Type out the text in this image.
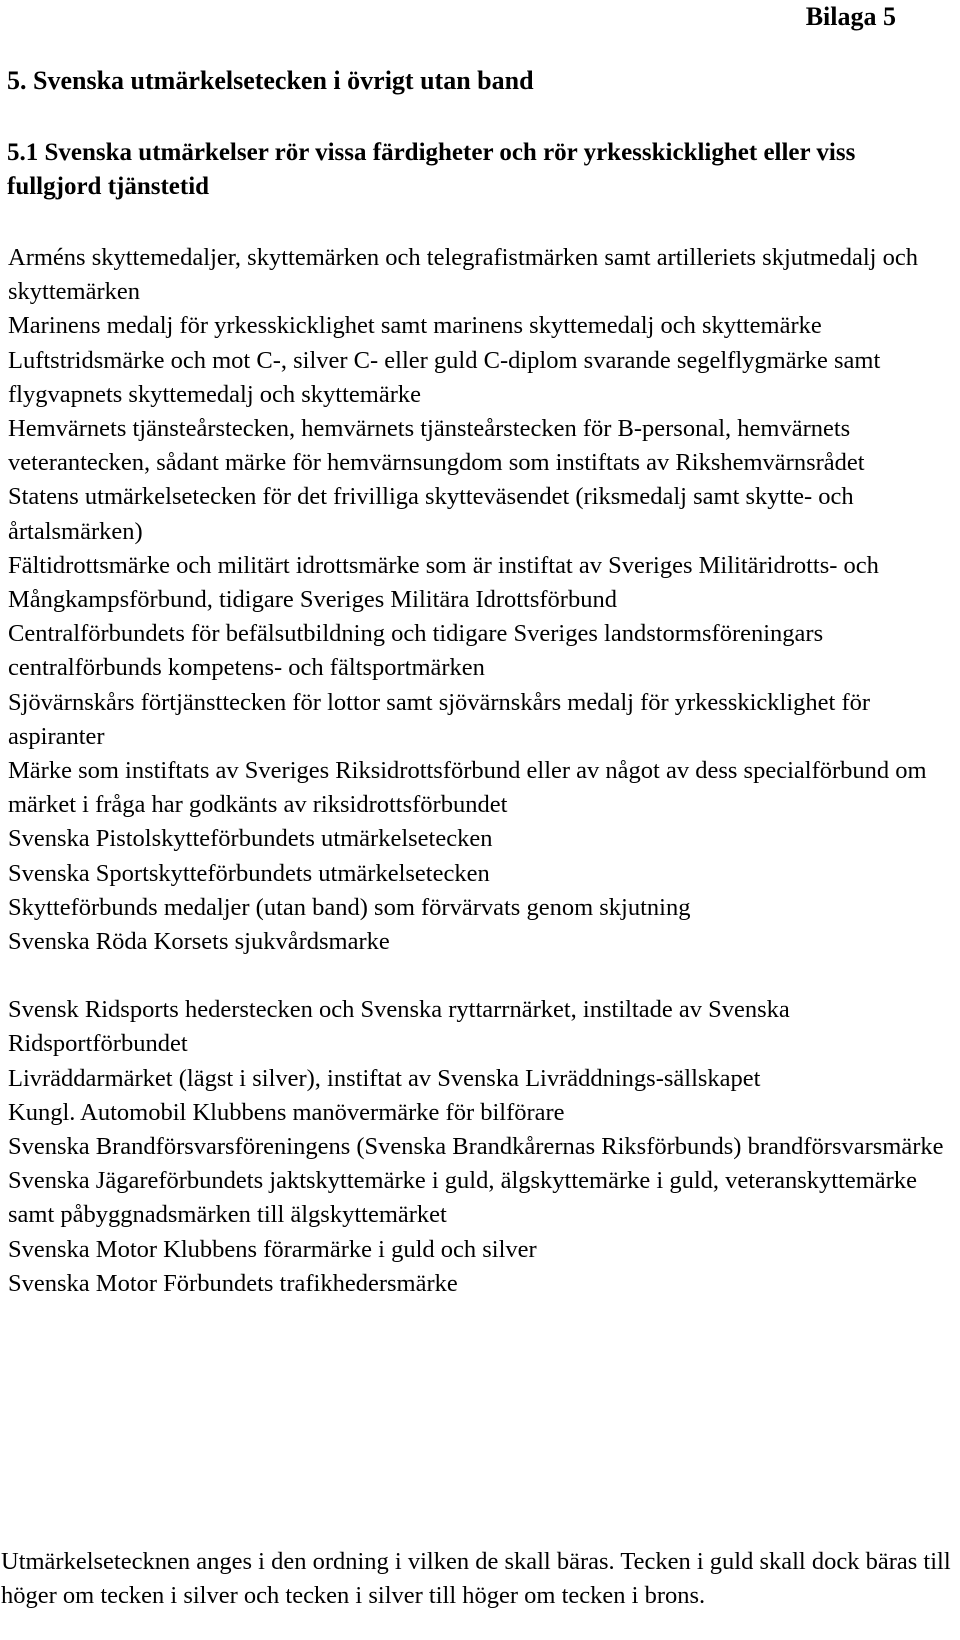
Bilaga 5
5. Svenska utmärkelsetecken i övrigt utan band
5.1 Svenska utmärkelser rör vissa färdigheter och rör yrkesskicklighet eller viss fullgjord tjänstetid

Arméns skyttemedaljer, skyttemärken och telegrafistmärken samt artilleriets skjutmedalj och skyttemärken

Marinens medalj för yrkesskicklighet samt marinens skyttemedalj och skyttemärke

Luftstridsmärke och mot C-, silver C- eller guld C-diplom svarande segelflygmärke samt flygvapnets skyttemedalj och skyttemärke

Hemvärnets tjänsteårstecken, hemvärnets tjänsteårstecken för B-personal, hemvärnets veterantecken, sådant märke för hemvärnsungdom som instiftats av Rikshemvärnsrådet

Statens utmärkelsetecken för det frivilliga skytteväsendet (riksmedalj samt skytte- och årtalsmärken)

Fältidrottsmärke och militärt idrottsmärke som är instiftat av Sveriges Militäridrotts- och Mångkampsförbund, tidigare Sveriges Militära Idrottsförbund

Centralförbundets för befälsutbildning och tidigare Sveriges landstormsföreningars centralförbunds kompetens- och fältsportmärken

Sjövärnskårs förtjänsttecken för lottor samt sjövärnskårs medalj för yrkesskicklighet för aspiranter

Märke som instiftats av Sveriges Riksidrottsförbund eller av något av dess specialförbund om märket i fråga har godkänts av riksidrottsförbundet

Svenska Pistolskytteförbundets utmärkelsetecken

Svenska Sportskytteförbundets utmärkelsetecken

Skytteförbunds medaljer (utan band) som förvärvats genom skjutning

Svenska Röda Korsets sjukvårdsmarke

Svensk Ridsports hederstecken och Svenska ryttarrnärket, instiltade av Svenska Ridsportförbundet

Livräddarmärket (lägst i silver), instiftat av Svenska Livräddnings-sällskapet

Kungl. Automobil Klubbens manövermärke för bilförare

Svenska Brandförsvarsföreningens (Svenska Brandkårernas Riksförbunds) brandförsvarsmärke

Svenska Jägareförbundets jaktskyttemärke i guld, älgskyttemärke i guld, veteranskyttemärke samt påbyggnadsmärken till älgskyttemärket

Svenska Motor Klubbens förarmärke i guld och silver

Svenska Motor Förbundets trafikhedersmärke

Utmärkelsetecknen anges i den ordning i vilken de skall bäras. Tecken i guld skall dock bäras till höger om tecken i silver och tecken i silver till höger om tecken i brons.
